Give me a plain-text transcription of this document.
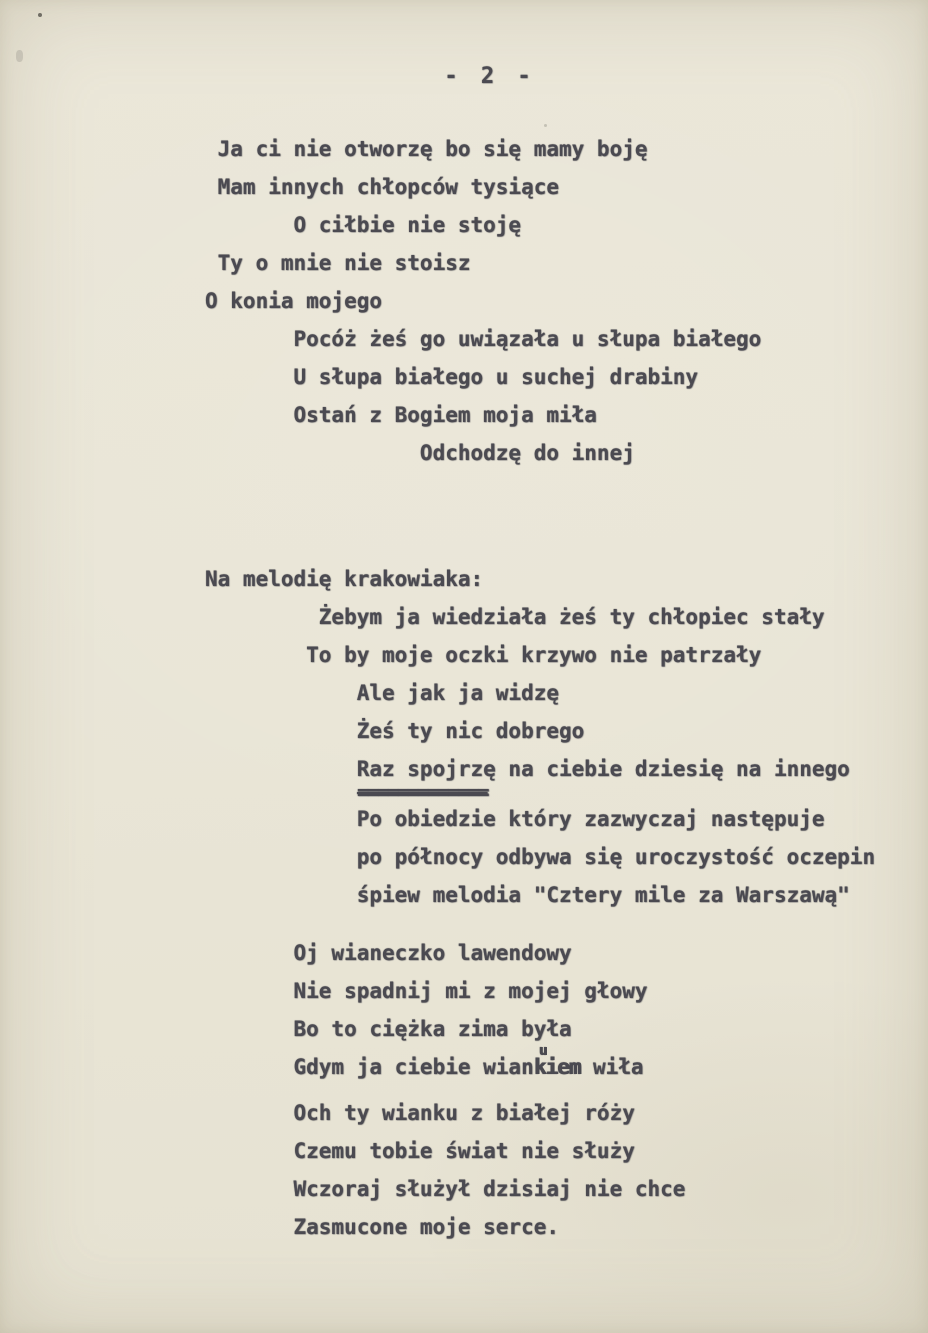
- 2 -
Ja ci nie otworzę bo się mamy boję
Mam innych chłopców tysiące
O ciłbie nie stoję
Ty o mnie nie stoisz
O konia mojego
Pocóż żeś go uwiązała u słupa białego
U słupa białego u suchej drabiny
Ostań z Bogiem moja miła
Odchodzę do innej
Na melodię krakowiaka:
Żebym ja wiedziała żeś ty chłopiec stały
To by moje oczki krzywo nie patrzały
Ale jak ja widzę
Żeś ty nic dobrego
Raz spojrzę na ciebie dziesię na innego
=============
Po obiedzie który zazwyczaj następuje
po północy odbywa się uroczystość oczepin
śpiew melodia "Cztery mile za Warszawą"
Oj wianeczko lawendowy
Nie spadnij mi z mojej głowy
Bo to ciężka zima była
Gdym ja ciebie wiankiem
u
wiła
Och ty wianku z białej róży
Czemu tobie świat nie służy
Wczoraj służył dzisiaj nie chce
Zasmucone moje serce.
